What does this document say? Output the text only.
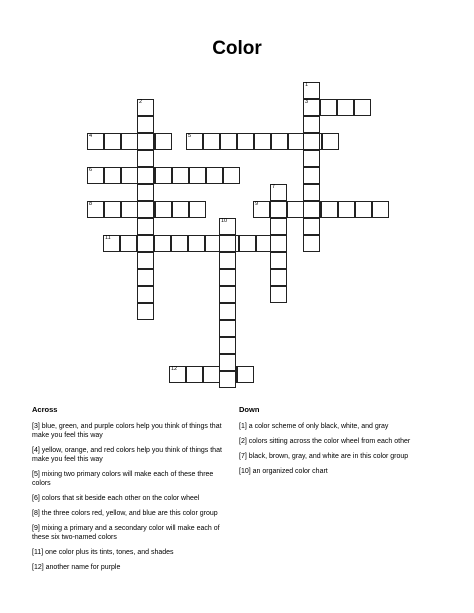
Color
3
4	5
6
8	9
11
12
1
2
7
10
Across
[3] blue, green, and purple colors help you think of things that make you feel this way
[4] yellow, orange, and red colors help you think of things that make you feel this way
[5] mixing two primary colors will make each of these three colors
[6] colors that sit beside each other on the color wheel
[8] the three colors red, yellow, and blue are this color group
[9] mixing a primary and a secondary color will make each of these six two-named colors
[11] one color plus its tints, tones, and shades
[12] another name for purple
Down
[1] a color scheme of only black, white, and gray
[2] colors sitting across the color wheel from each other
[7] black, brown, gray, and white are in this color group
[10] an organized color chart
